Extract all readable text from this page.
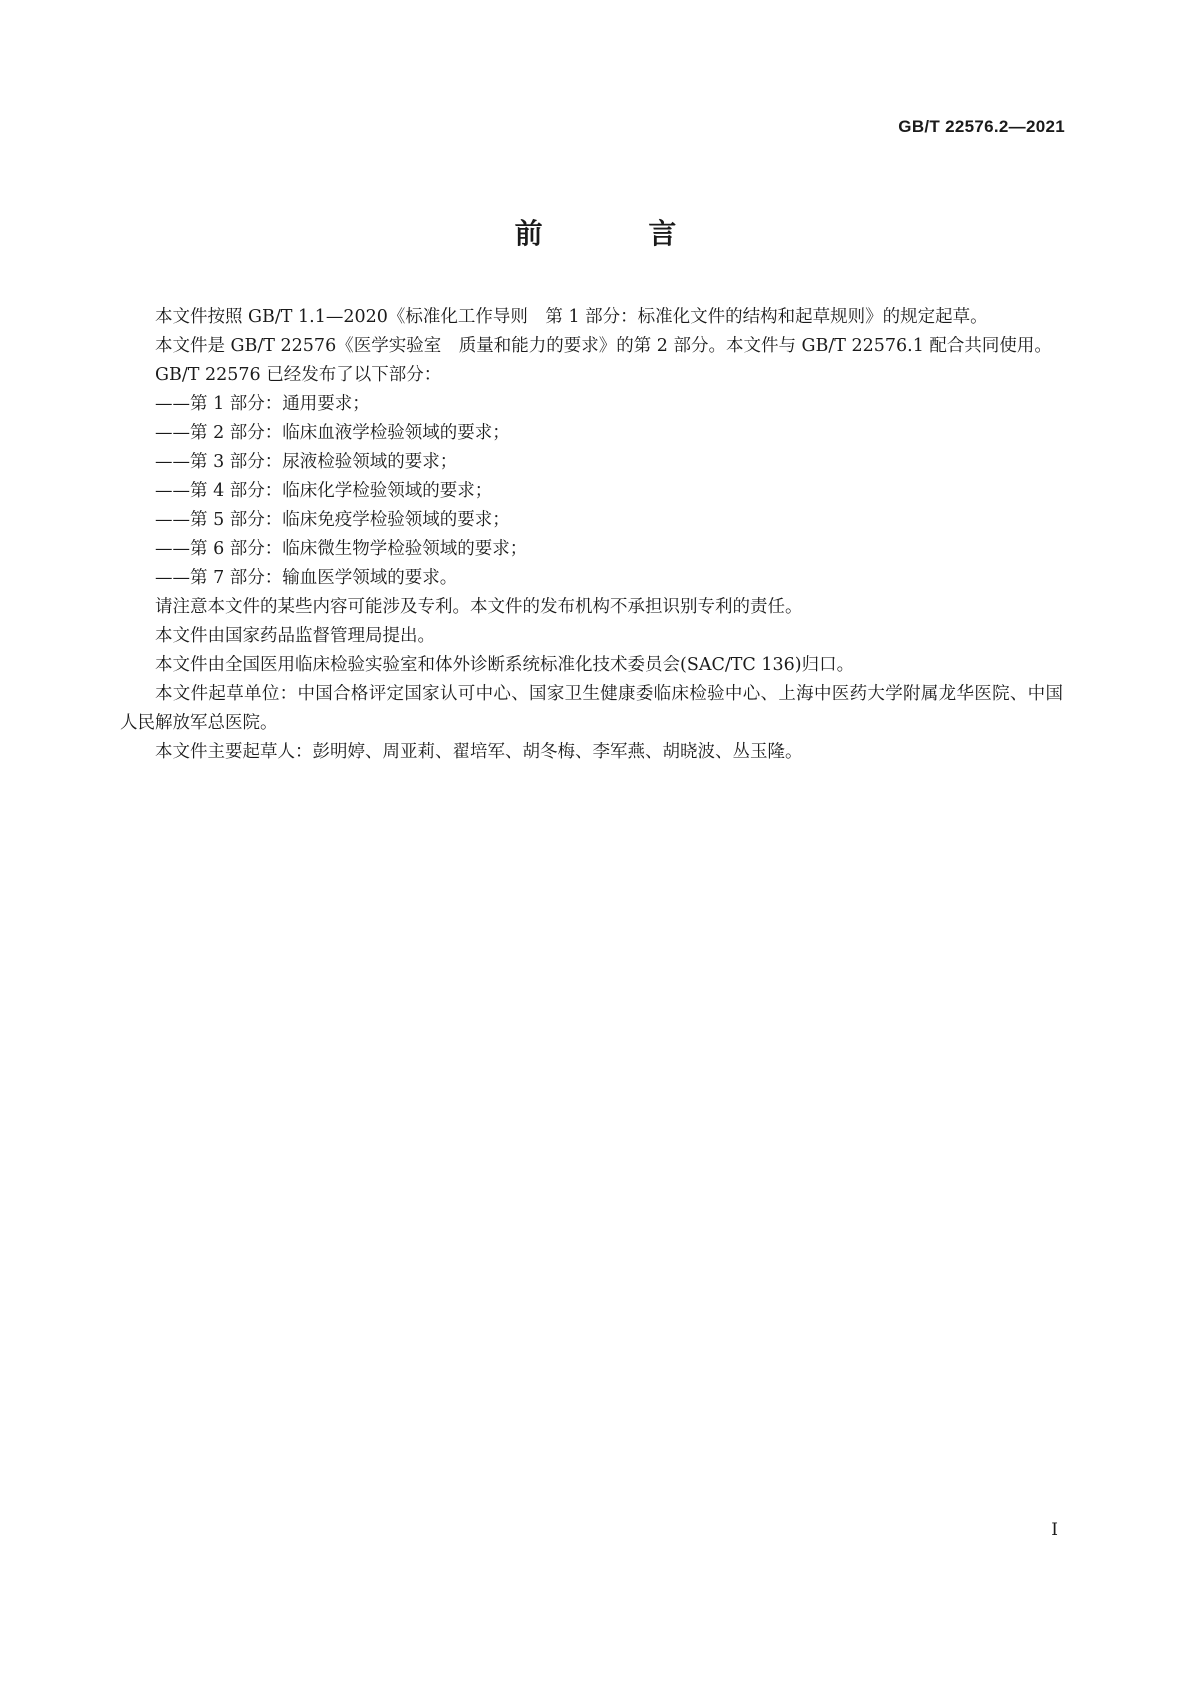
GB/T 22576.2—2021
前 言

本文件按照 GB/T 1.1—2020《标准化工作导则　第 1 部分：标准化文件的结构和起草规则》的规定起草。

本文件是 GB/T 22576《医学实验室　质量和能力的要求》的第 2 部分。本文件与 GB/T 22576.1 配合共同使用。

GB/T 22576 已经发布了以下部分：

——第 1 部分：通用要求；

——第 2 部分：临床血液学检验领域的要求；

——第 3 部分：尿液检验领域的要求；

——第 4 部分：临床化学检验领域的要求；

——第 5 部分：临床免疫学检验领域的要求；

——第 6 部分：临床微生物学检验领域的要求；

——第 7 部分：输血医学领域的要求。

请注意本文件的某些内容可能涉及专利。本文件的发布机构不承担识别专利的责任。

本文件由国家药品监督管理局提出。

本文件由全国医用临床检验实验室和体外诊断系统标准化技术委员会(SAC/TC 136)归口。

本文件起草单位：中国合格评定国家认可中心、国家卫生健康委临床检验中心、上海中医药大学附属龙华医院、中国人民解放军总医院。

本文件主要起草人：彭明婷、周亚莉、翟培军、胡冬梅、李军燕、胡晓波、丛玉隆。

I
